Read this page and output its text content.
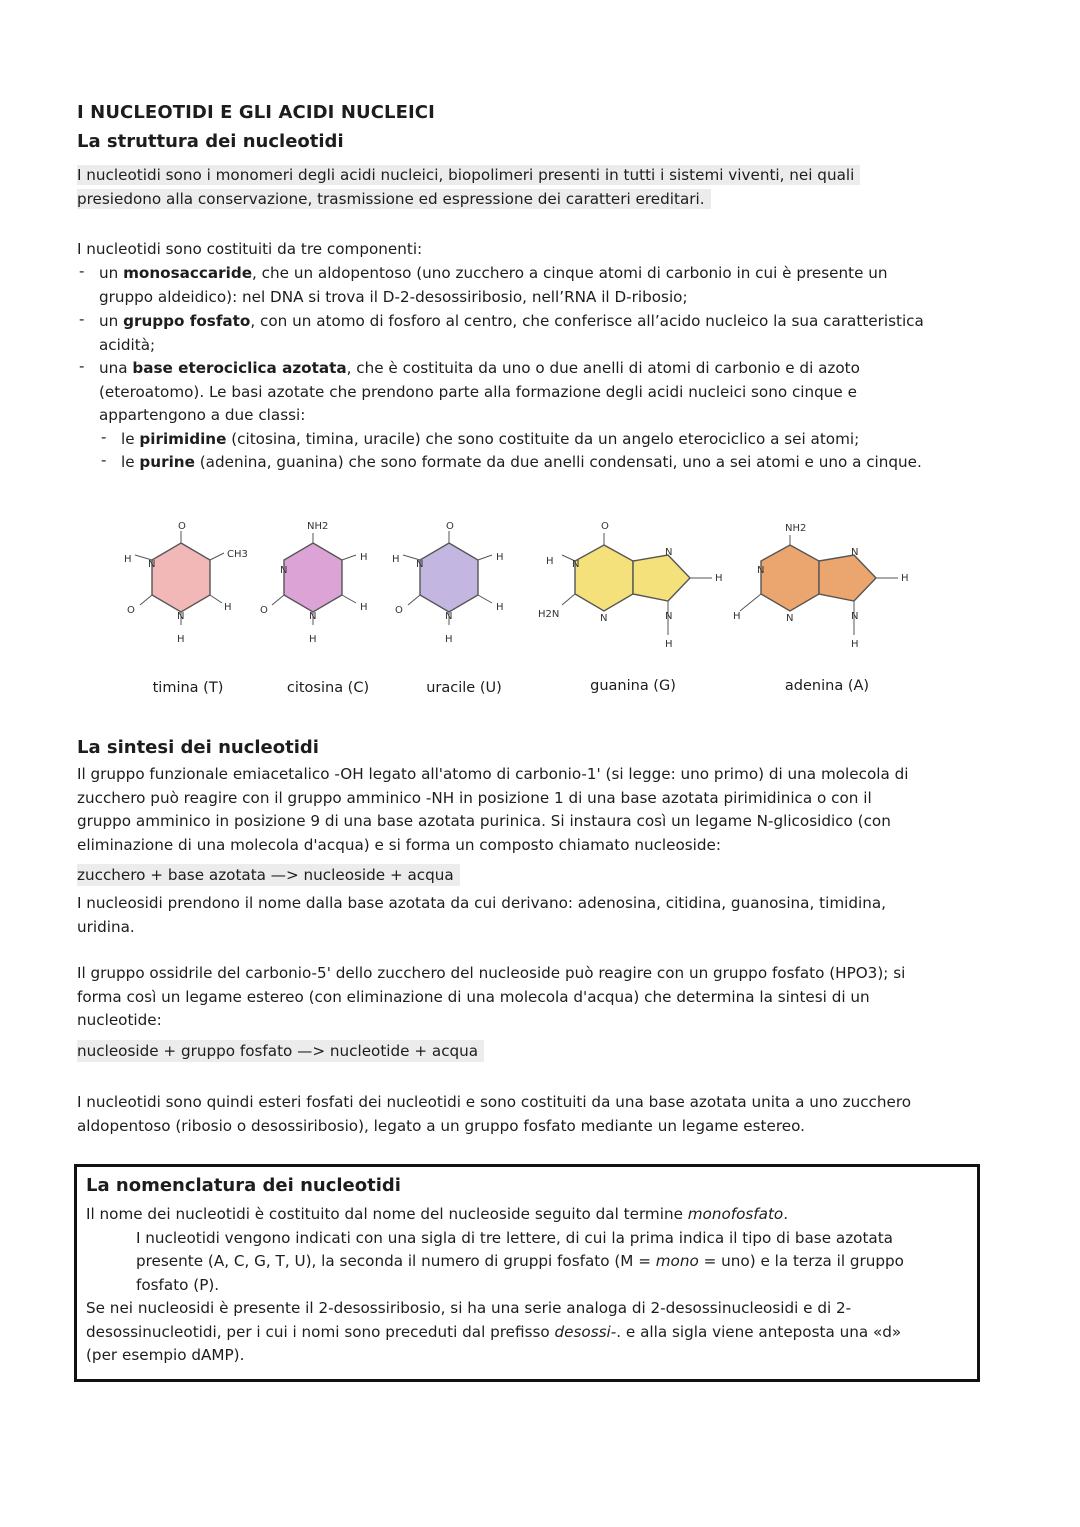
I NUCLEOTIDI E GLI ACIDI NUCLEICI
La struttura dei nucleotidi
I nucleotidi sono i monomeri degli acidi nucleici, biopolimeri presenti in tutti i sistemi viventi, nei quali
presiedono alla conservazione, trasmissione ed espressione dei caratteri ereditari.
I nucleotidi sono costituiti da tre componenti:
- un monosaccaride, che un aldopentoso (uno zucchero a cinque atomi di carbonio in cui è presente un
gruppo aldeidico): nel DNA si trova il D-2-desossiribosio, nell’RNA il D-ribosio;
- un gruppo fosfato, con un atomo di fosforo al centro, che conferisce all’acido nucleico la sua caratteristica
acidità;
- una base eterociclica azotata, che è costituita da uno o due anelli di atomi di carbonio e di azoto
(eteroatomo). Le basi azotate che prendono parte alla formazione degli acidi nucleici sono cinque e
appartengono a due classi:
- le pirimidine (citosina, timina, uracile) che sono costituite da un angelo eterociclico a sei atomi;
- le purine (adenina, guanina) che sono formate da due anelli condensati, uno a sei atomi e uno a cinque.
O
N
H	CH3
H
O
N
H
NH2
N
H
H
O
N
H
O
N
H	H
H
O
N
H
O
N
H
H2N	N
N
H
N
H
NH2
N
H	N
N
H
N
H
timina (T)	citosina (C)	uracile (U)	guanina (G)	adenina (A)
La sintesi dei nucleotidi
Il gruppo funzionale emiacetalico -OH legato all'atomo di carbonio-1' (si legge: uno primo) di una molecola di
zucchero può reagire con il gruppo amminico -NH in posizione 1 di una base azotata pirimidinica o con il
gruppo amminico in posizione 9 di una base azotata purinica. Si instaura così un legame N-glicosidico (con
eliminazione di una molecola d'acqua) e si forma un composto chiamato nucleoside:
zucchero + base azotata —> nucleoside + acqua
I nucleosidi prendono il nome dalla base azotata da cui derivano: adenosina, citidina, guanosina, timidina,
uridina.
Il gruppo ossidrile del carbonio-5' dello zucchero del nucleoside può reagire con un gruppo fosfato (HPO3); si
forma così un legame estereo (con eliminazione di una molecola d'acqua) che determina la sintesi di un
nucleotide:
nucleoside + gruppo fosfato —> nucleotide + acqua
I nucleotidi sono quindi esteri fosfati dei nucleotidi e sono costituiti da una base azotata unita a uno zucchero
aldopentoso (ribosio o desossiribosio), legato a un gruppo fosfato mediante un legame estereo.
La nomenclatura dei nucleotidi
Il nome dei nucleotidi è costituito dal nome del nucleoside seguito dal termine monofosfato.
I nucleotidi vengono indicati con una sigla di tre lettere, di cui la prima indica il tipo di base azotata
presente (A, C, G, T, U), la seconda il numero di gruppi fosfato (M = mono = uno) e la terza il gruppo
fosfato (P).
Se nei nucleosidi è presente il 2-desossiribosio, si ha una serie analoga di 2-desossinucleosidi e di 2-
desossinucleotidi, per i cui i nomi sono preceduti dal prefisso desossi-. e alla sigla viene anteposta una «d»
(per esempio dAMP).
